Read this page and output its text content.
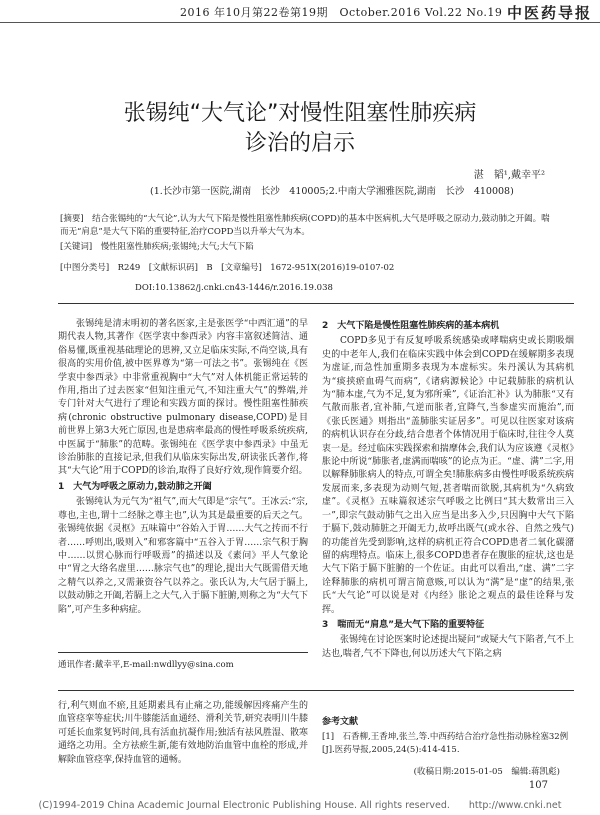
2016 年10月第22卷第19期　October.2016 Vol.22 No.19 中医药导报
张锡纯“大气论”对慢性阻塞性肺疾病
诊治的启示
湛　韬¹,戴幸平²
(1.长沙市第一医院,湖南　长沙　410005;2.中南大学湘雅医院,湖南　长沙　410008)
[摘要]　结合张锡纯的“大气论”,认为大气下陷是慢性阻塞性肺疾病(COPD)的基本中医病机,大气是呼吸之原动力,鼓动肺之开阖。喘而无“肩息”是大气下陷的重要特征,治疗COPD当以升举大气为本。
[关键词]　慢性阻塞性肺疾病;张锡纯;大气;大气下陷
[中图分类号]　R249　[文献标识码]　B　[文章编号]　1672-951X(2016)19-0107-02
DOI:10.13862/j.cnki.cn43-1446/r.2016.19.038

张锡纯是清末明初的著名医家,主是张医学“中西汇通”的早期代表人物,其著作《医学衷中参西录》内容丰富叙述简洁、通俗易懂,既重视基础理论的思辨,又立足临床实际,不尚空谈,具有很高的实用价值,被中医界尊为“第一可法之书”。张锡纯在《医学衷中参西录》中非常重视胸中“大气”对人体机能正常运转的作用,指出了过去医家“但知注重元气,不知注重大气”的弊端,并专门针对大气进行了理论和实践方面的探讨。慢性阻塞性肺疾病(chronic obstructive pulmonary disease,COPD)是目前世界上第3大死亡原因,也是患病率最高的慢性呼吸系统疾病,中医属于“肺胀”的范畴。张锡纯在《医学衷中参西录》中虽无诊治肺胀的直接记录,但我们从临床实际出发,研读张氏著作,将其“大气论”用于COPD的诊治,取得了良好疗效,现作简要介绍。

1　大气为呼吸之原动力,鼓动肺之开阖

张锡纯认为元气为“祖气”,而大气即是“宗气”。王冰云:“宗,尊也,主也,谓十二经脉之尊主也”,认为其是最重要的后天之气。张锡纯依据《灵枢》五味篇中“谷始入于胃……大气之抟而不行者……呼则出,吸则入”和邪客篇中“五谷入于胃……宗气积于胸中……以贯心脉而行呼吸焉”的描述以及《素问》平人气象论中“胃之大络名虚里……脉宗气也”的理论,提出大气既需借天地之精气以养之,又需兼资谷气以养之。张氏认为,大气居于膈上,以鼓动肺之开阖,若膈上之大气,入于膈下脏腑,则称之为“大气下陷”,可产生多种病症。

通讯作者:戴幸平,E-mail:nwdllyy@sina.com
2　大气下陷是慢性阻塞性肺疾病的基本病机

COPD多见于有反复呼吸系统感染或哮喘病史或长期吸烟史的中老年人,我们在临床实践中体会到COPD在缓解期多表现为虚证,而急性加重期多表现为本虚标实。朱丹溪认为其病机为“痰挟瘀血碍气而病”,《诸病源候论》中记载肺胀的病机认为“肺本虚,气为不足,复为邪所乘”,《证治汇补》认为肺胀“又有气散而胀者,宜补肺,气逆而胀者,宜降气,当参虚实而施治”,而《张氏医通》则指出“盖肺胀实证居多”。可见以往医家对该病的病机认识存在分歧,结合患者个体情况用于临床时,往往令人莫衷一是。经过临床实践探索和揣摩体会,我们认为应该遵《灵枢》胀论中所说“肺胀者,虚满而喘咳”的论点为正。“虚、满”二字,用以解释肺胀病人的特点,可谓全矣!肺胀病多由慢性呼吸系统疾病发展而来,多表现为动则气短,甚者喘而欲脱,其病机为“久病致虚”。《灵枢》五味篇叙述宗气呼吸之比例曰“其大数常出三入一”,即宗气鼓动肺气之出入应当是出多入少,只因胸中大气下陷于膈下,鼓动肺脏之开阖无力,故呼出既气(或水谷、自然之残气)的功能首先受到影响,这样的病机正符合COPD患者二氧化碳潴留的病理特点。临床上,很多COPD患者存在腹胀的症状,这也是大气下陷于膈下脏腑的一个佐证。由此可以看出,“虚、满”二字诠释肺胀的病机可谓言简意赅,可以认为“满”是“虚”的结果,张氏“大气论”可以说是对《内经》胀论之观点的最佳诠释与发挥。

3　喘而无“肩息”是大气下陷的重要特征

张锡纯在讨论医案时论述提出疑问“或疑大气下陷者,气不上达也,喘者,气不下降也,何以历述大气下陷之病

行,利气则血不瘀,且延期素具有止痛之功,能缓解因疼痛产生的血管痉挛等症状;川牛膝能活血通经、滑利关节,研究表明川牛膝可延长血浆复钙时间,具有活血抗凝作用;独活有祛风胜湿、散寒通络之功用。全方祛瘀生新,能有效地防治血管中血栓的形成,并解除血管痉挛,保持血管的通畅。

参考文献
[1]　石香柳,王香坤,张兰,等.中西药结合治疗急性指动脉栓塞32例[J].医药导报,2005,24(5):414-415.
(收稿日期:2015-01-05　编辑:蒋凯彪)
107
(C)1994-2019 China Academic Journal Electronic Publishing House. All rights reserved.　　http://www.cnki.net
